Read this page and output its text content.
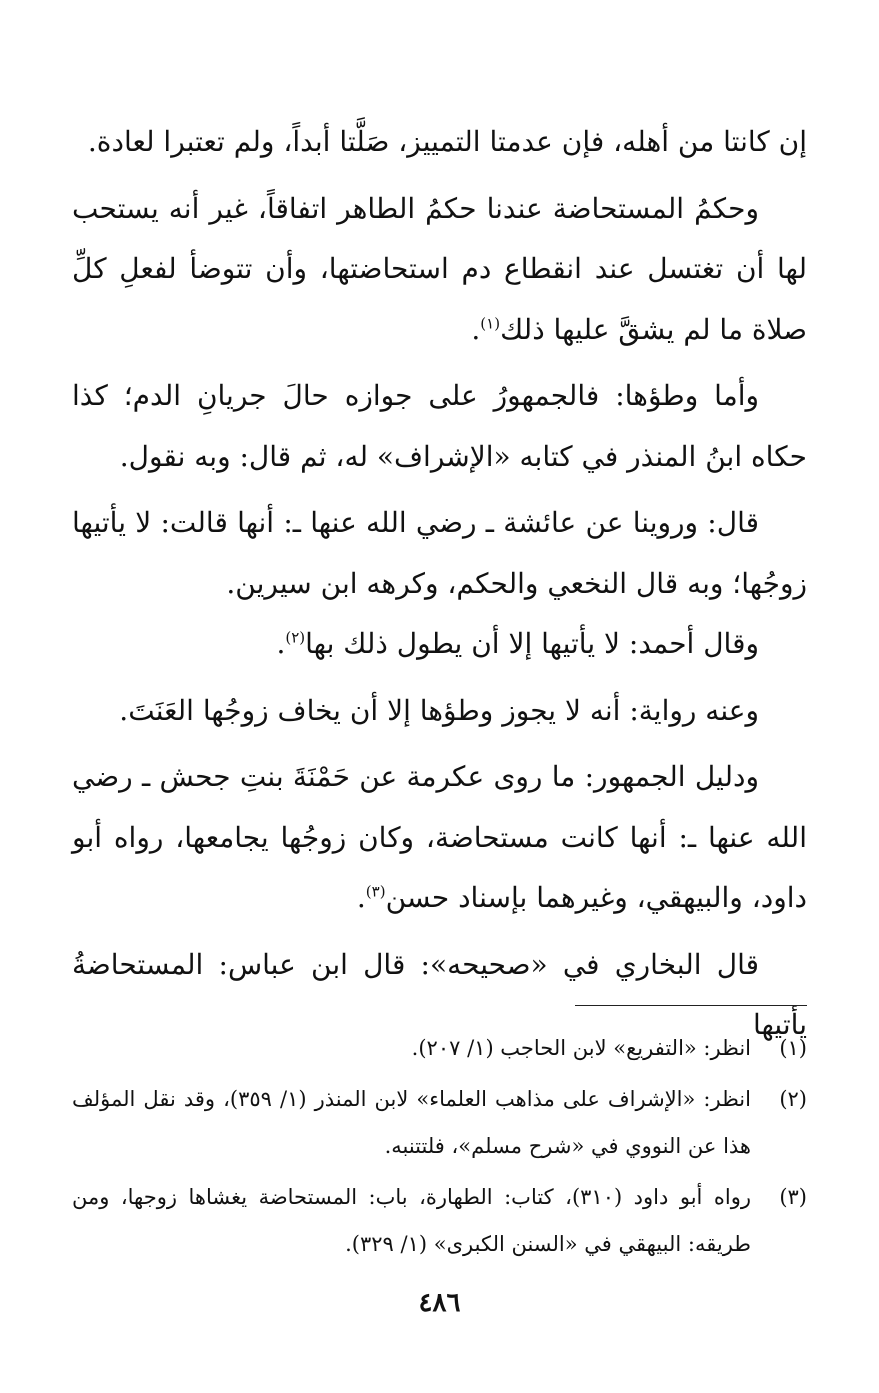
إن كانتا من أهله، فإن عدمتا التمييز، صَلَّتا أبداً، ولم تعتبرا لعادة.

وحكمُ المستحاضة عندنا حكمُ الطاهر اتفاقاً، غير أنه يستحب لها أن تغتسل عند انقطاع دم استحاضتها، وأن تتوضأ لفعلِ كلِّ صلاة ما لم يشقَّ عليها ذلك$^{(١)}$.

وأما وطؤها: فالجمهورُ على جوازه حالَ جريانِ الدم؛ كذا حكاه ابنُ المنذر في كتابه «الإشراف» له، ثم قال: وبه نقول.

قال: وروينا عن عائشة ـ رضي الله عنها ـ: أنها قالت: لا يأتيها زوجُها؛ وبه قال النخعي والحكم، وكرهه ابن سيرين.

وقال أحمد: لا يأتيها إلا أن يطول ذلك بها$^{(٢)}$.

وعنه رواية: أنه لا يجوز وطؤها إلا أن يخاف زوجُها العَنَتَ.

ودليل الجمهور: ما روى عكرمة عن حَمْنَةَ بنتِ جحش ـ رضي الله عنها ـ: أنها كانت مستحاضة، وكان زوجُها يجامعها، رواه أبو داود، والبيهقي، وغيرهما بإسناد حسن$^{(٣)}$.

قال البخاري في «صحيحه»: قال ابن عباس: المستحاضةُ يأتيها

(١)
انظر: «التفريع» لابن الحاجب (١/ ٢٠٧).
(٢)
انظر: «الإشراف على مذاهب العلماء» لابن المنذر (١/ ٣٥٩)، وقد نقل المؤلف هذا عن النووي في «شرح مسلم»، فلتتنبه.
(٣)
رواه أبو داود (٣١٠)، كتاب: الطهارة، باب: المستحاضة يغشاها زوجها، ومن طريقه: البيهقي في «السنن الكبرى» (١/ ٣٢٩).
٤٨٦
